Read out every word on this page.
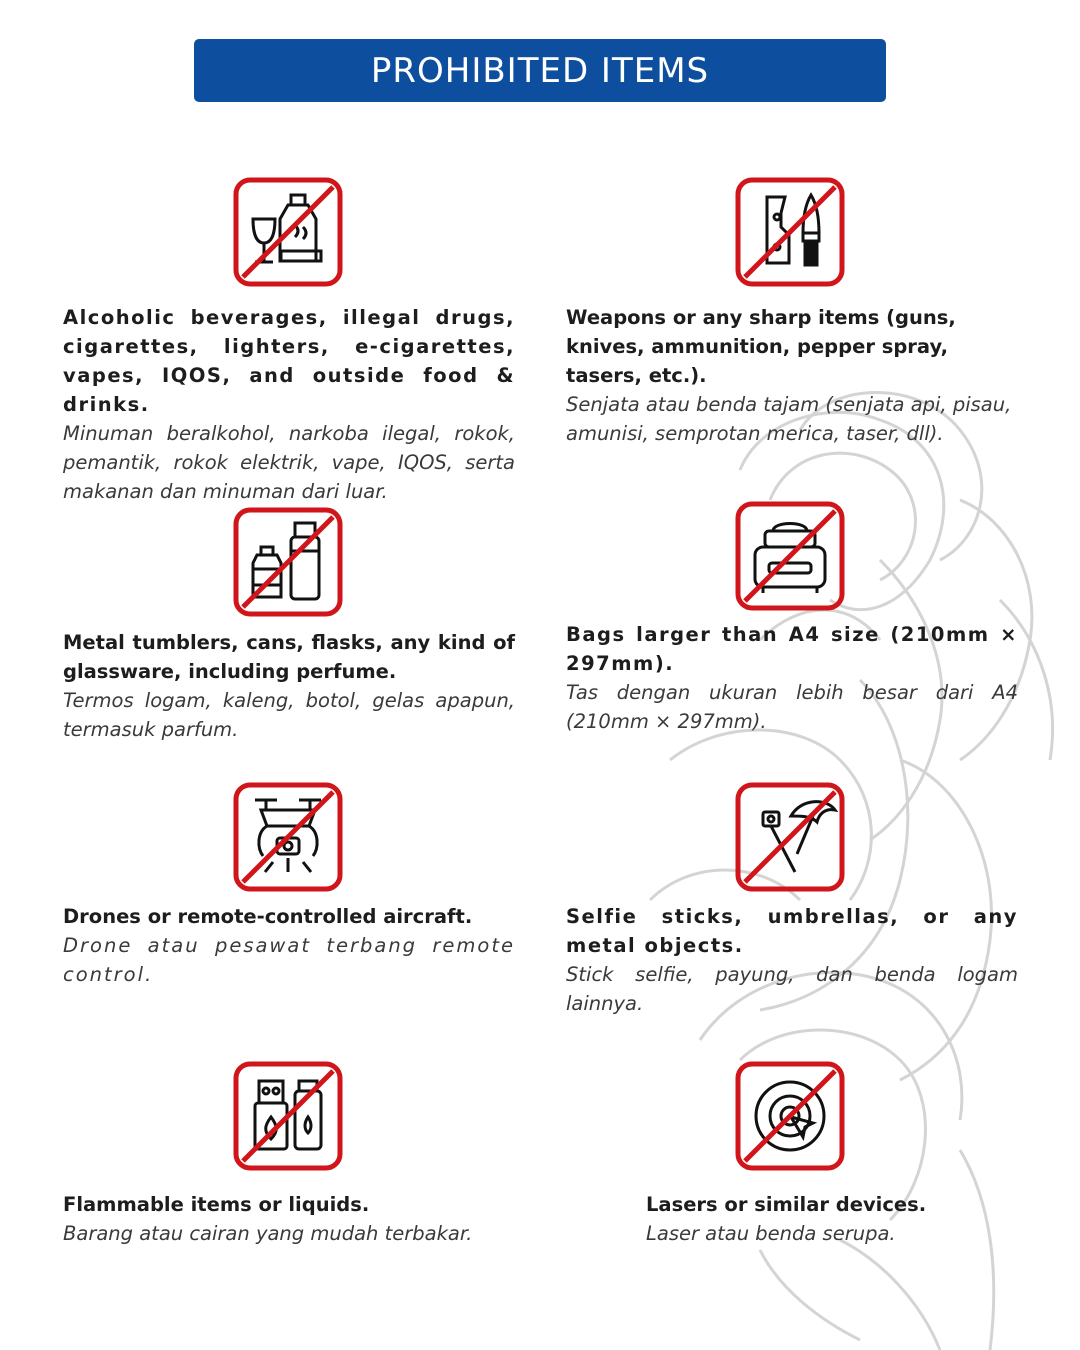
PROHIBITED ITEMS
Alcoholic beverages, illegal drugs, cigarettes, lighters, e-cigarettes, vapes, IQOS, and outside food & drinks.
Minuman beralkohol, narkoba ilegal, rokok, pemantik, rokok elektrik, vape, IQOS, serta makanan dan minuman dari luar.
Weapons or any sharp items (guns, knives, ammunition, pepper spray, tasers, etc.).
Senjata atau benda tajam (senjata api, pisau, amunisi, semprotan merica, taser, dll).
Metal tumblers, cans, flasks, any kind of glassware, including perfume.
Termos logam, kaleng, botol, gelas apapun, termasuk parfum.
Bags larger than A4 size (210mm × 297mm).
Tas dengan ukuran lebih besar dari A4 (210mm × 297mm).
Drones or remote-controlled aircraft.
Drone atau pesawat terbang remote control.
Selfie sticks, umbrellas, or any metal objects.
Stick selfie, payung, dan benda logam lainnya.
Flammable items or liquids.
Barang atau cairan yang mudah terbakar.
Lasers or similar devices.
Laser atau benda serupa.
